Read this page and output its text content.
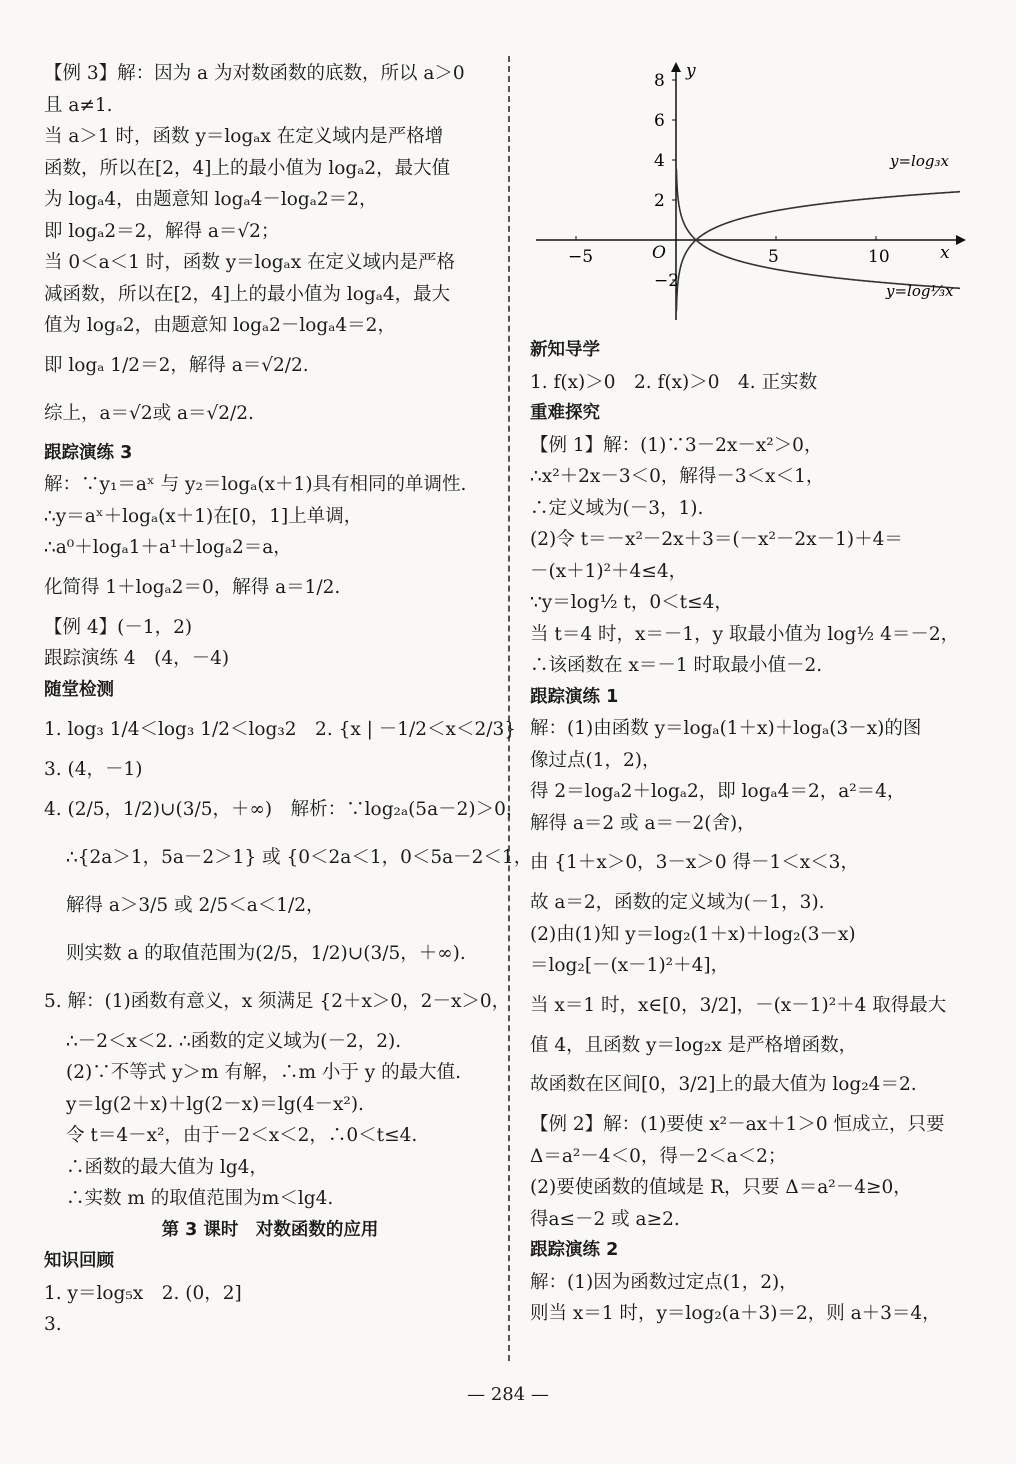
【例 3】解：因为 a 为对数函数的底数，所以 a＞0
且 a≠1.
当 a＞1 时，函数 y＝logₐx 在定义域内是严格增
函数，所以在[2，4]上的最小值为 logₐ2，最大值
为 logₐ4，由题意知 logₐ4－logₐ2＝2，
即 logₐ2＝2，解得 a＝√2；
当 0＜a＜1 时，函数 y＝logₐx 在定义域内是严格
减函数，所以在[2，4]上的最小值为 logₐ4，最大
值为 logₐ2，由题意知 logₐ2－logₐ4＝2，
即 logₐ 1/2＝2，解得 a＝√2/2.
综上，a＝√2或 a＝√2/2.
跟踪演练 3
解：∵y₁＝aˣ 与 y₂＝logₐ(x＋1)具有相同的单调性.
∴y＝aˣ＋logₐ(x＋1)在[0，1]上单调，
∴a⁰＋logₐ1＋a¹＋logₐ2＝a，
化简得 1＋logₐ2＝0，解得 a＝1/2.
【例 4】(－1，2)
跟踪演练 4　(4，－4)
随堂检测
1. log₃ 1/4＜log₃ 1/2＜log₃2　2. {x | －1/2＜x＜2/3}
3. (4，－1)
4. (2/5，1/2)∪(3/5，＋∞)　解析：∵log₂ₐ(5a－2)＞0，
∴{2a＞1，5a－2＞1} 或 {0＜2a＜1，0＜5a－2＜1，
解得 a＞3/5 或 2/5＜a＜1/2，
则实数 a 的取值范围为(2/5，1/2)∪(3/5，＋∞).
5. 解：(1)函数有意义，x 须满足 {2＋x＞0，2－x＞0，
∴－2＜x＜2. ∴函数的定义域为(－2，2).
(2)∵不等式 y＞m 有解，∴m 小于 y 的最大值.
y＝lg(2＋x)＋lg(2－x)＝lg(4－x²).
令 t＝4－x²，由于－2＜x＜2，∴0＜t≤4.
∴函数的最大值为 lg4，
∴实数 m 的取值范围为m＜lg4.
第 3 课时　对数函数的应用
知识回顾
1. y＝log₅x　2. (0，2]
3.
y
x
O
−5	5	10
8
6
4
2
−2
y=log₃x
y=log⅓x
新知导学
1. f(x)＞0　2. f(x)＞0　4. 正实数
重难探究
【例 1】解：(1)∵3－2x－x²＞0，
∴x²＋2x－3＜0，解得－3＜x＜1，
∴定义域为(－3，1).
(2)令 t＝－x²－2x＋3＝(－x²－2x－1)＋4＝
－(x＋1)²＋4≤4，
∵y＝log½ t，0＜t≤4，
当 t＝4 时，x＝－1，y 取最小值为 log½ 4＝－2，
∴该函数在 x＝－1 时取最小值－2.
跟踪演练 1
解：(1)由函数 y＝logₐ(1＋x)＋logₐ(3－x)的图
像过点(1，2)，
得 2＝logₐ2＋logₐ2，即 logₐ4＝2，a²＝4，
解得 a＝2 或 a＝－2(舍)，
由 {1＋x＞0，3－x＞0 得－1＜x＜3，
故 a＝2，函数的定义域为(－1，3).
(2)由(1)知 y＝log₂(1＋x)＋log₂(3－x)
＝log₂[－(x－1)²＋4]，
当 x＝1 时，x∈[0，3/2]，－(x－1)²＋4 取得最大
值 4，且函数 y＝log₂x 是严格增函数，
故函数在区间[0，3/2]上的最大值为 log₂4＝2.
【例 2】解：(1)要使 x²－ax＋1＞0 恒成立，只要
Δ＝a²－4＜0，得－2＜a＜2；
(2)要使函数的值域是 R，只要 Δ＝a²－4≥0，
得a≤－2 或 a≥2.
跟踪演练 2
解：(1)因为函数过定点(1，2)，
则当 x＝1 时，y＝log₂(a＋3)＝2，则 a＋3＝4，
— 284 —
